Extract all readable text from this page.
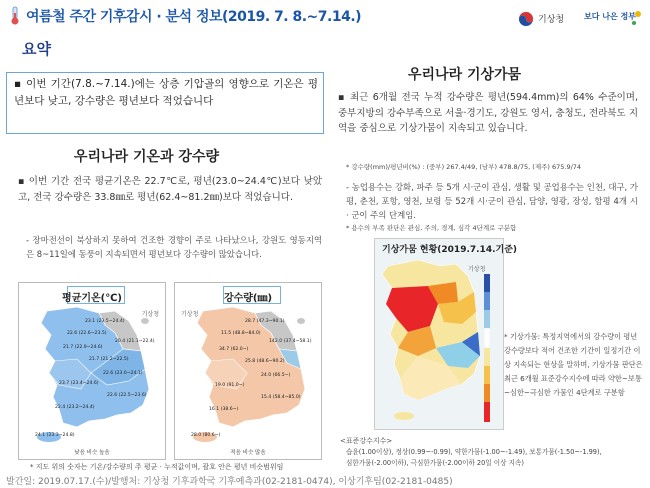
여름철 주간 기후감시 · 분석 정보(2019. 7. 8.~7.14.)	기상청 보다 나은 정부
요약
▪ 이번 기간(7.8.~7.14.)에는 상층 기압골의 영향으로 기온은 평년보다 낮고, 강수량은 평년보다 적었습니다
우리나라 기온과 강수량
▪ 이번 기간 전국 평균기온은 22.7℃로, 평년(23.0~24.4℃)보다 낮았고, 전국 강수량은 33.8㎜로 평년(62.4~81.2㎜)보다 적었습니다.
- 장마전선이 북상하지 못하여 건조한 경향이 주로 나타났으나, 강원도 영동지역은 8~11일에 동풍이 지속되면서 평년보다 강수량이 많았습니다.
평균기온(℃)
기상청
23.1 (23.5~24.4)
22.6 (22.6~23.5)
20.4 (21.1~22.4)
21.7 (22.9~24.6)
21.7 (21.2~22.5)
22.6 (23.0~24.1)
23.7 (23.4~24.6)
22.6 (22.5~23.6)
22.4 (23.2~24.4)
24.1 (23.3~24.8)
낮음 비슷 높음
강수량(㎜)
기상청
28.7 (47.3~90.1)
11.5 (48.8~84.0)
142.0 (37.4~58.1)
34.7 (62.0~)
25.8 (48.6~90.2)
24.0 (66.5~)
19.0 (91.0~)
15.4 (58.4~85.0)
16.1 (38.6~)
28.0 (80.6~)
적음 비슷 많음
* 지도 위의 숫자는 기온/강수량의 주 평균 · 누적값이며, 괄호 안은 평년 비슷범위임
우리나라 기상가뭄
▪ 최근 6개월 전국 누적 강수량은 평년(594.4mm)의 64% 수준이며, 중부지방의 강수부족으로 서울·경기도, 강원도 영서, 충청도, 전라북도 지역을 중심으로 기상가뭄이 지속되고 있습니다.
* 강수량(mm)/평년비(%) : (중부) 267.4/49, (남부) 478.8/75, (제주) 675.9/74
- 농업용수는 강화, 파주 등 5개 시·군이 관심, 생활 및 공업용수는 인천, 대구, 가평, 춘천, 포항, 영천, 보령 등 52개 시·군이 관심, 담양, 영광, 장성, 함평 4개 시 · 군이 주의 단계임.
* 용수의 부족 판단은 관심, 주의, 경계, 심각 4단계로 구분함
기상가뭄 현황(2019.7.14.기준)
기상청
* 기상가뭄: 특정지역에서의 강수량이 평년 강수량보다 적어 건조한 기간이 일정기간 이상 지속되는 현상을 말하며, 기상가뭄 판단은 최근 6개월 표준강수지수에 따라 약한~보통~심한~극심한 가뭄인 4단계로 구분함
<표준강수지수>
습윤(1.00이상), 정상(0.99~-0.99), 약한가뭄(-1.00~-1.49), 보통가뭄(-1.50~-1.99),
심한가뭄(-2.00이하), 극심한가뭄(-2.00이하 20일 이상 지속)
발간일: 2019.07.17.(수)/발행처: 기상청 기후과학국 기후예측과(02-2181-0474), 이상기후팀(02-2181-0485)
